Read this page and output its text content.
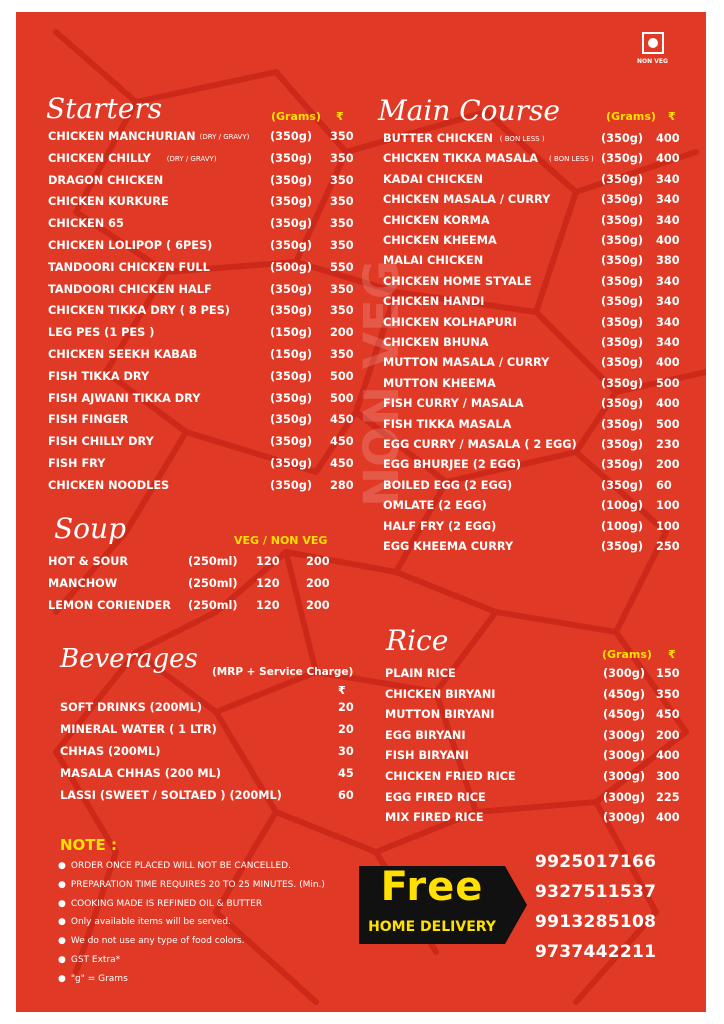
NON VEG
NON VEG
Starters	(Grams) ₹ Main Course	(Grams) ₹
Soup	VEG / NON VEG
Beverages (MRP + Service Charge)
₹
Rice	(Grams) ₹
NOTE :
Free
HOME DELIVERY
9925017166
9327511537
9913285108
9737442211
CHICKEN MANCHURIAN (DRY / GRAVY) (350g) 350
CHICKEN CHILLY (DRY / GRAVY)	(350g) 350
DRAGON CHICKEN	(350g) 350
CHICKEN KURKURE	(350g) 350
CHICKEN 65	(350g) 350
CHICKEN LOLIPOP ( 6PES)	(350g) 350
TANDOORI CHICKEN FULL	(500g) 550
TANDOORI CHICKEN HALF	(350g) 350
CHICKEN TIKKA DRY ( 8 PES)	(350g) 350
LEG PES (1 PES )	(150g) 200
CHICKEN SEEKH KABAB	(150g) 350
FISH TIKKA DRY	(350g) 500
FISH AJWANI TIKKA DRY	(350g) 500
FISH FINGER	(350g) 450
FISH CHILLY DRY	(350g) 450
FISH FRY	(350g) 450
CHICKEN NOODLES	(350g) 280
BUTTER CHICKEN ( BON LESS )	(350g) 400
CHICKEN TIKKA MASALA ( BON LESS ) (350g) 400
KADAI CHICKEN	(350g) 340
CHICKEN MASALA / CURRY	(350g) 340
CHICKEN KORMA	(350g) 340
CHICKEN KHEEMA	(350g) 400
MALAI CHICKEN	(350g) 380
CHICKEN HOME STYALE	(350g) 340
CHICKEN HANDI	(350g) 340
CHICKEN KOLHAPURI	(350g) 340
CHICKEN BHUNA	(350g) 340
MUTTON MASALA / CURRY	(350g) 400
MUTTON KHEEMA	(350g) 500
FISH CURRY / MASALA	(350g) 400
FISH TIKKA MASALA	(350g) 500
EGG CURRY / MASALA ( 2 EGG) (350g) 230
EGG BHURJEE (2 EGG)	(350g) 200
BOILED EGG (2 EGG)	(350g) 60
OMLATE (2 EGG)	(100g) 100
HALF FRY (2 EGG)	(100g) 100
EGG KHEEMA CURRY	(350g) 250
HOT & SOUR	(250ml) 120 200
MANCHOW	(250ml) 120 200
LEMON CORIENDER (250ml) 120 200
SOFT DRINKS (200ML)	20
MINERAL WATER ( 1 LTR)	20
CHHAS (200ML)	30
MASALA CHHAS (200 ML)	45
LASSI (SWEET / SOLTAED ) (200ML)	60
PLAIN RICE	(300g) 150
CHICKEN BIRYANI	(450g) 350
MUTTON BIRYANI	(450g) 450
EGG BIRYANI	(300g) 200
FISH BIRYANI	(300g) 400
CHICKEN FRIED RICE	(300g) 300
EGG FIRED RICE	(300g) 225
MIX FIRED RICE	(300g) 400
● ORDER ONCE PLACED WILL NOT BE CANCELLED.
● PREPARATION TIME REQUIRES 20 TO 25 MINUTES. (Min.)
● COOKING MADE IS REFINED OIL & BUTTER
● Only available items will be served.
● We do not use any type of food colors.
● GST Extra*
● "g" = Grams
